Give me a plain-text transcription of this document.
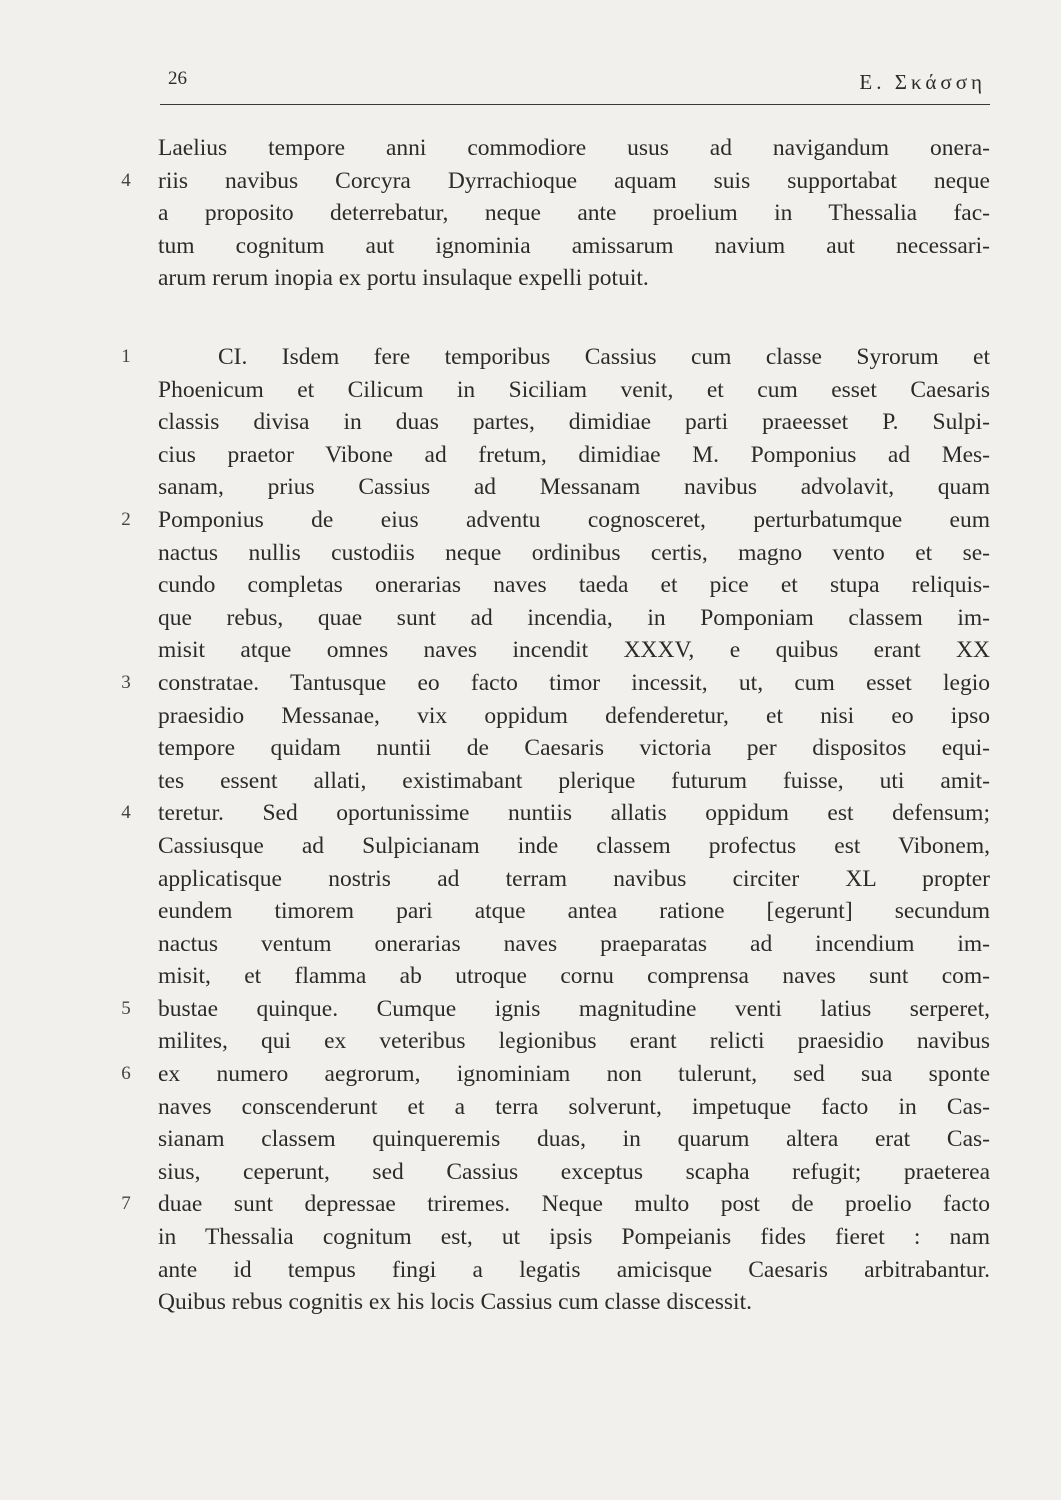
26	Ε. Σκάσση
Laelius tempore anni commodiore usus ad navigandum onera-
4	riis navibus Corcyra Dyrrachioque aquam suis supportabat neque
a proposito deterrebatur, neque ante proelium in Thessalia fac-
tum cognitum aut ignominia amissarum navium aut necessari-
arum rerum inopia ex portu insulaque expelli potuit.
1	CI. Isdem fere temporibus Cassius cum classe Syrorum et
Phoenicum et Cilicum in Siciliam venit, et cum esset Caesaris
classis divisa in duas partes, dimidiae parti praeesset P. Sulpi-
cius praetor Vibone ad fretum, dimidiae M. Pomponius ad Mes-
sanam, prius Cassius ad Messanam navibus advolavit, quam
2	Pomponius de eius adventu cognosceret, perturbatumque eum
nactus nullis custodiis neque ordinibus certis, magno vento et se-
cundo completas onerarias naves taeda et pice et stupa reliquis-
que rebus, quae sunt ad incendia, in Pomponiam classem im-
misit atque omnes naves incendit XXXV, e quibus erant XX
3	constratae. Tantusque eo facto timor incessit, ut, cum esset legio
praesidio Messanae, vix oppidum defenderetur, et nisi eo ipso
tempore quidam nuntii de Caesaris victoria per dispositos equi-
tes essent allati, existimabant plerique futurum fuisse, uti amit-
4	teretur. Sed oportunissime nuntiis allatis oppidum est defensum;
Cassiusque ad Sulpicianam inde classem profectus est Vibonem,
applicatisque nostris ad terram navibus circiter XL propter
eundem timorem pari atque antea ratione [egerunt] secundum
nactus ventum onerarias naves praeparatas ad incendium im-
misit, et flamma ab utroque cornu comprensa naves sunt com-
5	bustae quinque. Cumque ignis magnitudine venti latius serperet,
milites, qui ex veteribus legionibus erant relicti praesidio navibus
6	ex numero aegrorum, ignominiam non tulerunt, sed sua sponte
naves conscenderunt et a terra solverunt, impetuque facto in Cas-
sianam classem quinqueremis duas, in quarum altera erat Cas-
sius, ceperunt, sed Cassius exceptus scapha refugit; praeterea
7	duae sunt depressae triremes. Neque multo post de proelio facto
in Thessalia cognitum est, ut ipsis Pompeianis fides fieret : nam
ante id tempus fingi a legatis amicisque Caesaris arbitrabantur.
Quibus rebus cognitis ex his locis Cassius cum classe discessit.
